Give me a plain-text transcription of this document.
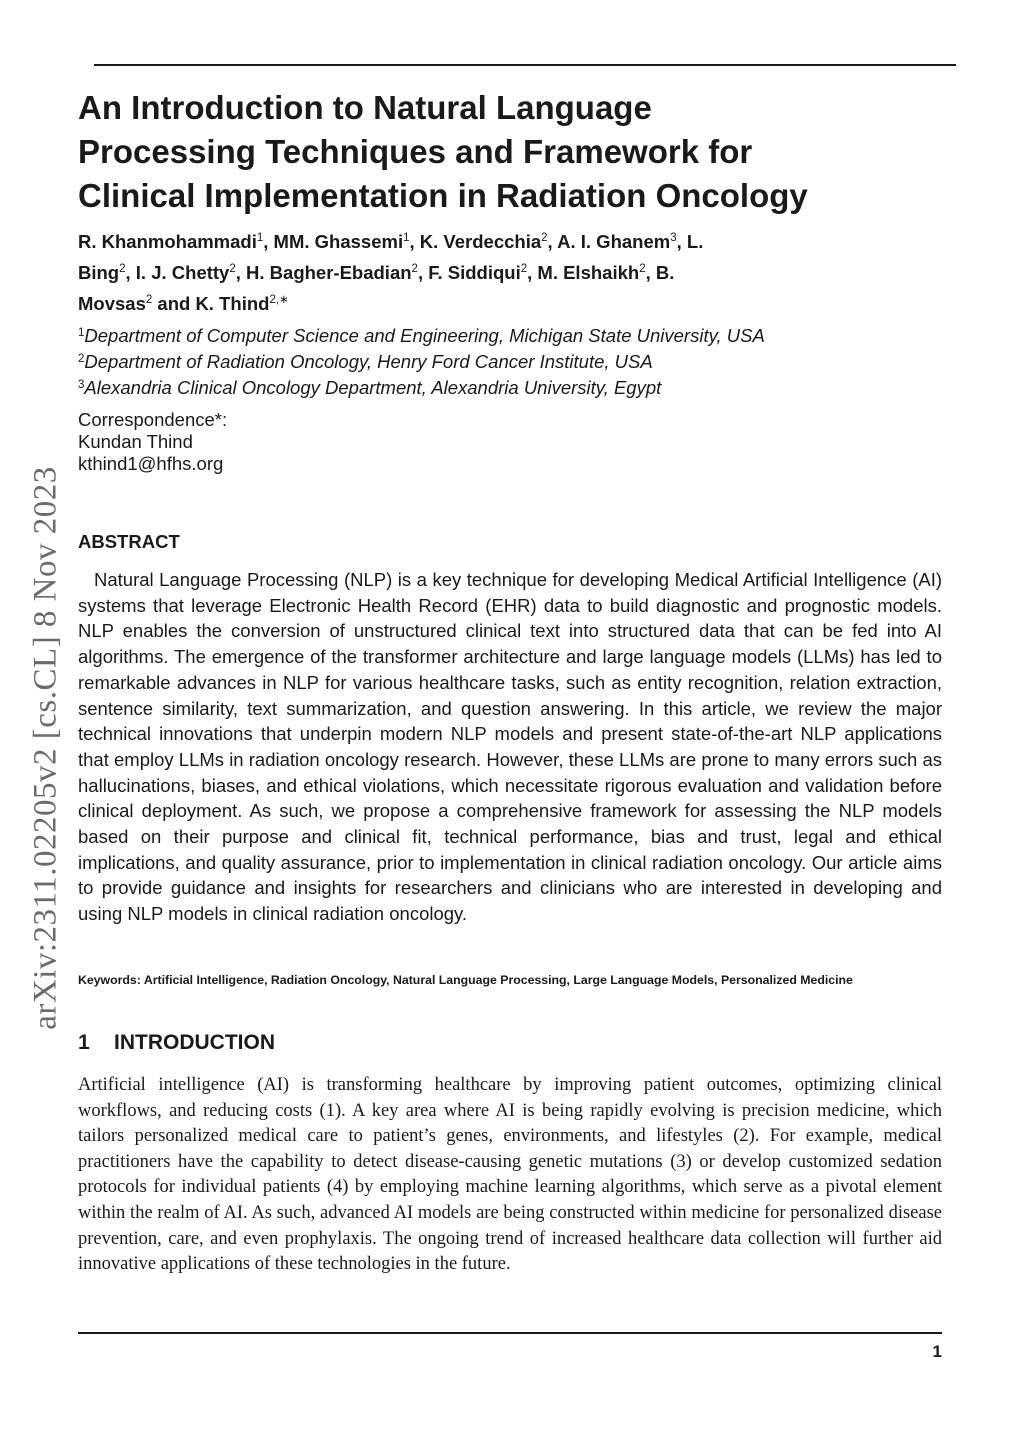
arXiv:2311.02205v2 [cs.CL] 8 Nov 2023
An Introduction to Natural Language
Processing Techniques and Framework for
Clinical Implementation in Radiation Oncology
R. Khanmohammadi$^1$, MM. Ghassemi$^1$, K. Verdecchia$^2$, A. I. Ghanem$^3$, L.
Bing$^2$, I. J. Chetty$^2$, H. Bagher-Ebadian$^2$, F. Siddiqui$^2$, M. Elshaikh$^2$, B.
Movsas$^2$ and K. Thind$^{2,∗}$
$^1$Department of Computer Science and Engineering, Michigan State University, USA
$^2$Department of Radiation Oncology, Henry Ford Cancer Institute, USA
$^3$Alexandria Clinical Oncology Department, Alexandria University, Egypt
Correspondence*:
Kundan Thind
kthind1@hfhs.org
ABSTRACT

Natural Language Processing (NLP) is a key technique for developing Medical Artificial Intelligence (AI) systems that leverage Electronic Health Record (EHR) data to build diagnostic and prognostic models. NLP enables the conversion of unstructured clinical text into structured data that can be fed into AI algorithms. The emergence of the transformer architecture and large language models (LLMs) has led to remarkable advances in NLP for various healthcare tasks, such as entity recognition, relation extraction, sentence similarity, text summarization, and question answering. In this article, we review the major technical innovations that underpin modern NLP models and present state-of-the-art NLP applications that employ LLMs in radiation oncology research. However, these LLMs are prone to many errors such as hallucinations, biases, and ethical violations, which necessitate rigorous evaluation and validation before clinical deployment. As such, we propose a comprehensive framework for assessing the NLP models based on their purpose and clinical fit, technical performance, bias and trust, legal and ethical implications, and quality assurance, prior to implementation in clinical radiation oncology. Our article aims to provide guidance and insights for researchers and clinicians who are interested in developing and using NLP models in clinical radiation oncology.

Keywords: Artificial Intelligence, Radiation Oncology, Natural Language Processing, Large Language Models, Personalized Medicine
1 INTRODUCTION

Artificial intelligence (AI) is transforming healthcare by improving patient outcomes, optimizing clinical workflows, and reducing costs (1). A key area where AI is being rapidly evolving is precision medicine, which tailors personalized medical care to patient’s genes, environments, and lifestyles (2). For example, medical practitioners have the capability to detect disease-causing genetic mutations (3) or develop customized sedation protocols for individual patients (4) by employing machine learning algorithms, which serve as a pivotal element within the realm of AI. As such, advanced AI models are being constructed within medicine for personalized disease prevention, care, and even prophylaxis. The ongoing trend of increased healthcare data collection will further aid innovative applications of these technologies in the future.

1
